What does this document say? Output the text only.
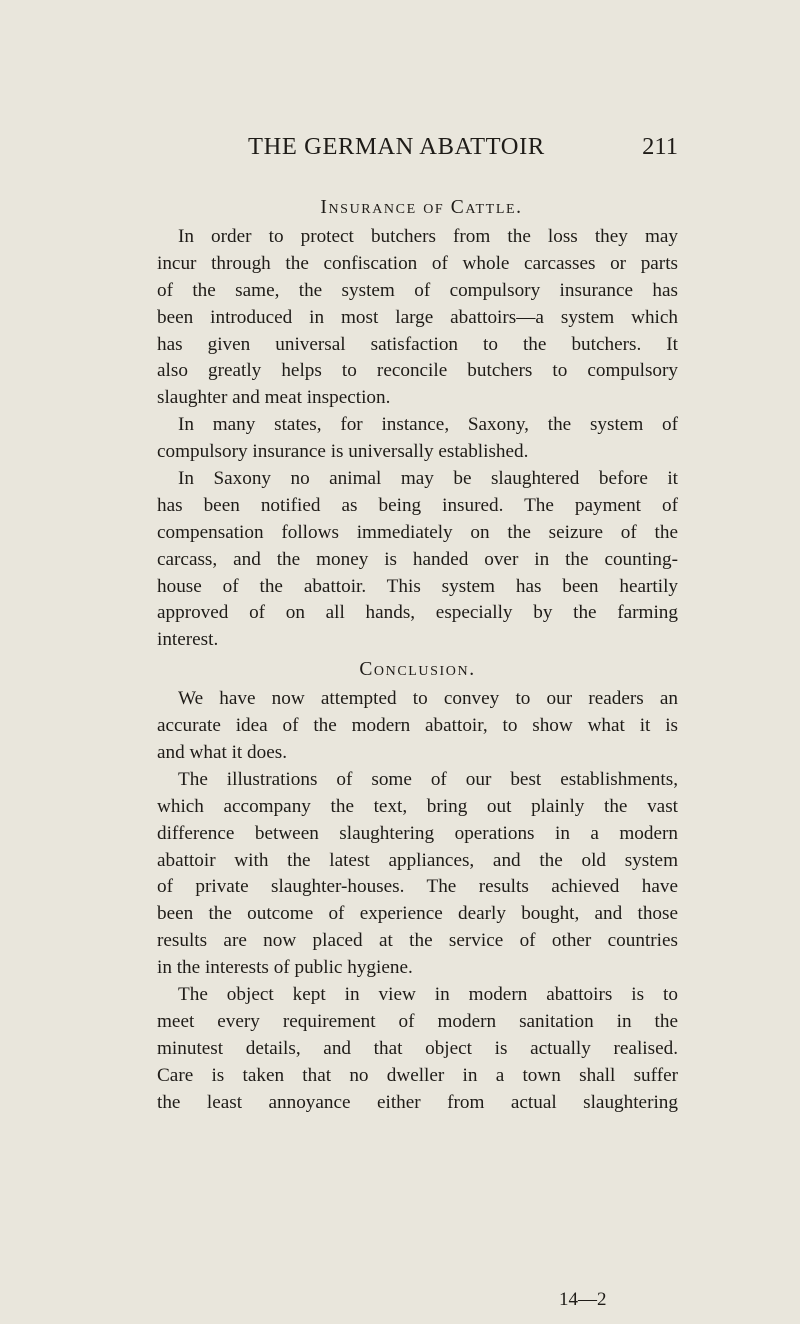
THE GERMAN ABATTOIR	211
Insurance of Cattle.
In order to protect butchers from the loss they may
incur through the confiscation of whole carcasses or parts
of the same, the system of compulsory insurance has
been introduced in most large abattoirs—a system which
has given universal satisfaction to the butchers. It
also greatly helps to reconcile butchers to compulsory
slaughter and meat inspection.
In many states, for instance, Saxony, the system of
compulsory insurance is universally established.
In Saxony no animal may be slaughtered before it
has been notified as being insured. The payment of
compensation follows immediately on the seizure of the
carcass, and the money is handed over in the counting-
house of the abattoir. This system has been heartily
approved of on all hands, especially by the farming
interest.
Conclusion.
We have now attempted to convey to our readers an
accurate idea of the modern abattoir, to show what it is
and what it does.
The illustrations of some of our best establishments,
which accompany the text, bring out plainly the vast
difference between slaughtering operations in a modern
abattoir with the latest appliances, and the old system
of private slaughter-houses. The results achieved have
been the outcome of experience dearly bought, and those
results are now placed at the service of other countries
in the interests of public hygiene.
The object kept in view in modern abattoirs is to
meet every requirement of modern sanitation in the
minutest details, and that object is actually realised.
Care is taken that no dweller in a town shall suffer
the least annoyance either from actual slaughtering
14—2
